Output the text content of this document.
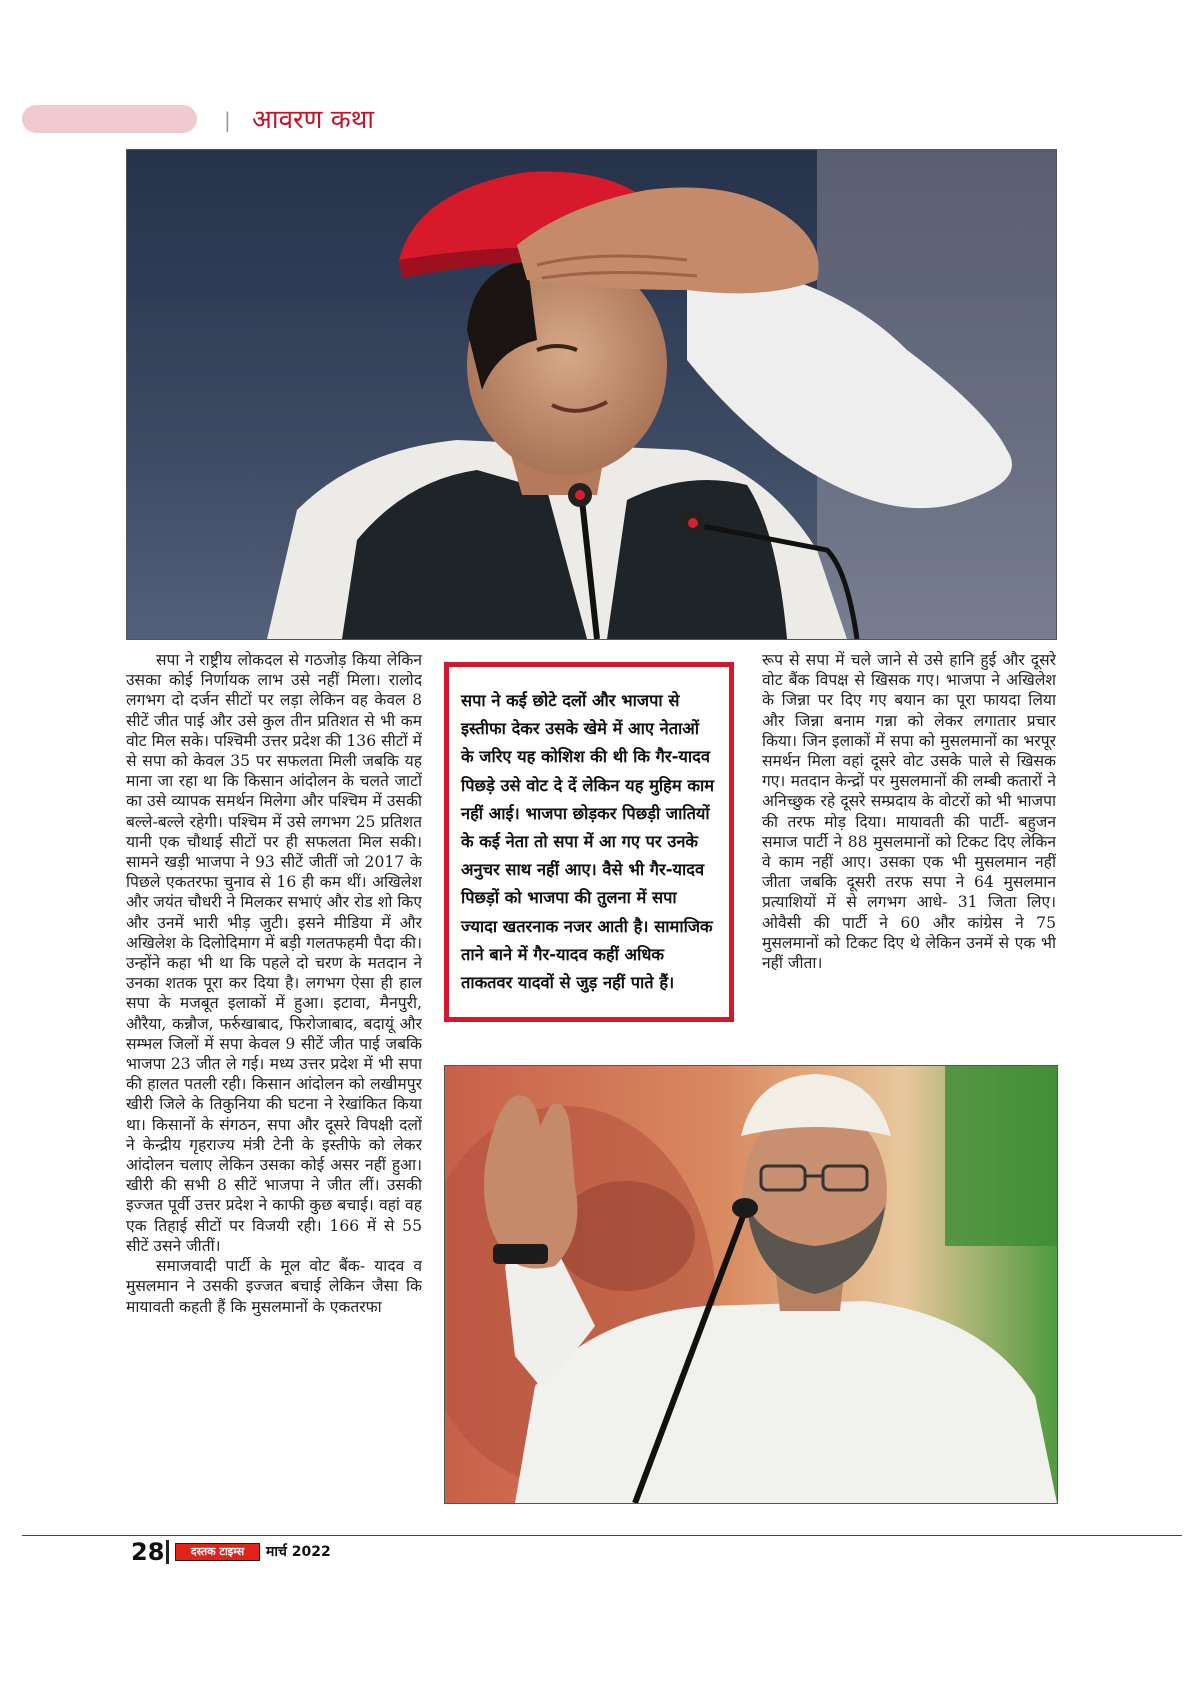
| आवरण कथा

सपा ने राष्ट्रीय लोकदल से गठजोड़ किया लेकिन उसका कोई निर्णायक लाभ उसे नहीं मिला। रालोद लगभग दो दर्जन सीटों पर लड़ा लेकिन वह केवल 8 सीटें जीत पाई और उसे कुल तीन प्रतिशत से भी कम वोट मिल सके। पश्चिमी उत्तर प्रदेश की 136 सीटों में से सपा को केवल 35 पर सफलता मिली जबकि यह माना जा रहा था कि किसान आंदोलन के चलते जाटों का उसे व्यापक समर्थन मिलेगा और पश्चिम में उसकी बल्ले-बल्ले रहेगी। पश्चिम में उसे लगभग 25 प्रतिशत यानी एक चौथाई सीटों पर ही सफलता मिल सकी। सामने खड़ी भाजपा ने 93 सीटें जीतीं जो 2017 के पिछले एकतरफा चुनाव से 16 ही कम थीं। अखिलेश और जयंत चौधरी ने मिलकर सभाएं और रोड शो किए और उनमें भारी भीड़ जुटी। इसने मीडिया में और अखिलेश के दिलोदिमाग में बड़ी गलतफहमी पैदा की। उन्होंने कहा भी था कि पहले दो चरण के मतदान ने उनका शतक पूरा कर दिया है। लगभग ऐसा ही हाल सपा के मजबूत इलाकों में हुआ। इटावा, मैनपुरी, औरैया, कन्नौज, फर्रुखाबाद, फिरोजाबाद, बदायूं और सम्भल जिलों में सपा केवल 9 सीटें जीत पाई जबकि भाजपा 23 जीत ले गई। मध्य उत्तर प्रदेश में भी सपा की हालत पतली रही। किसान आंदोलन को लखीमपुर खीरी जिले के तिकुनिया की घटना ने रेखांकित किया था। किसानों के संगठन, सपा और दूसरे विपक्षी दलों ने केन्द्रीय गृहराज्य मंत्री टेनी के इस्तीफे को लेकर आंदोलन चलाए लेकिन उसका कोई असर नहीं हुआ। खीरी की सभी 8 सीटें भाजपा ने जीत लीं। उसकी इज्जत पूर्वी उत्तर प्रदेश ने काफी कुछ बचाई। वहां वह एक तिहाई सीटों पर विजयी रही। 166 में से 55 सीटें उसने जीतीं।

समाजवादी पार्टी के मूल वोट बैंक- यादव व मुसलमान ने उसकी इज्जत बचाई लेकिन जैसा कि मायावती कहती हैं कि मुसलमानों के एकतरफा

सपा ने कई छोटे दलों और भाजपा से इस्तीफा देकर उसके खेमे में आए नेताओं के जरिए यह कोशिश की थी कि गैर-यादव पिछड़े उसे वोट दे दें लेकिन यह मुहिम काम नहीं आई। भाजपा छोड़कर पिछड़ी जातियों के कई नेता तो सपा में आ गए पर उनके अनुचर साथ नहीं आए। वैसे भी गैर-यादव पिछड़ों को भाजपा की तुलना में सपा ज्यादा खतरनाक नजर आती है। सामाजिक ताने बाने में गैर-यादव कहीं अधिक ताकतवर यादवों से जुड़ नहीं पाते हैं।

रूप से सपा में चले जाने से उसे हानि हुई और दूसरे वोट बैंक विपक्ष से खिसक गए। भाजपा ने अखिलेश के जिन्ना पर दिए गए बयान का पूरा फायदा लिया और जिन्ना बनाम गन्ना को लेकर लगातार प्रचार किया। जिन इलाकों में सपा को मुसलमानों का भरपूर समर्थन मिला वहां दूसरे वोट उसके पाले से खिसक गए। मतदान केन्द्रों पर मुसलमानों की लम्बी कतारों ने अनिच्छुक रहे दूसरे सम्प्रदाय के वोटरों को भी भाजपा की तरफ मोड़ दिया। मायावती की पार्टी- बहुजन समाज पार्टी ने 88 मुसलमानों को टिकट दिए लेकिन वे काम नहीं आए। उसका एक भी मुसलमान नहीं जीता जबकि दूसरी तरफ सपा ने 64 मुसलमान प्रत्याशियों में से लगभग आधे- 31 जिता लिए। ओवैसी की पार्टी ने 60 और कांग्रेस ने 75 मुसलमानों को टिकट दिए थे लेकिन उनमें से एक भी नहीं जीता।

28	दस्तक टाइम्स	मार्च 2022
